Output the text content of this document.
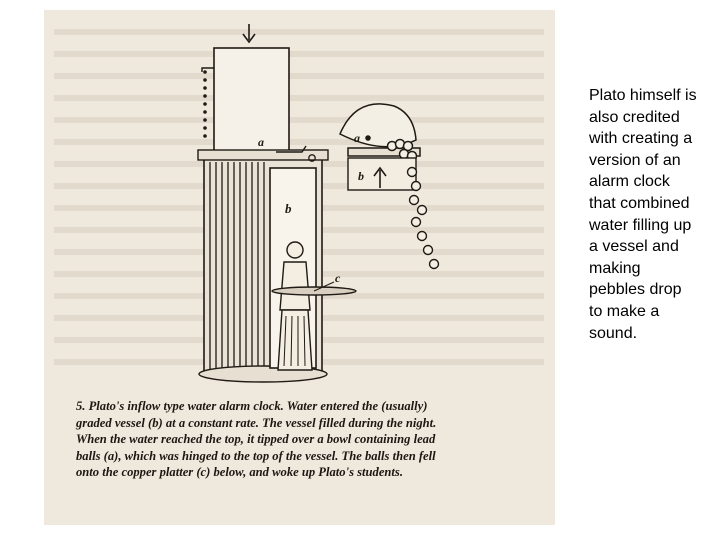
b
a
c
a
b
5. Plato's inflow type water alarm clock. Water entered the (usually)
graded vessel (b) at a constant rate. The vessel filled during the night.
When the water reached the top, it tipped over a bowl containing lead
balls (a), which was hinged to the top of the vessel. The balls then fell
onto the copper platter (c) below, and woke up Plato's students.
Plato himself is also credited with creating a version of an alarm clock that combined water filling up a vessel and making pebbles drop to make a sound.
